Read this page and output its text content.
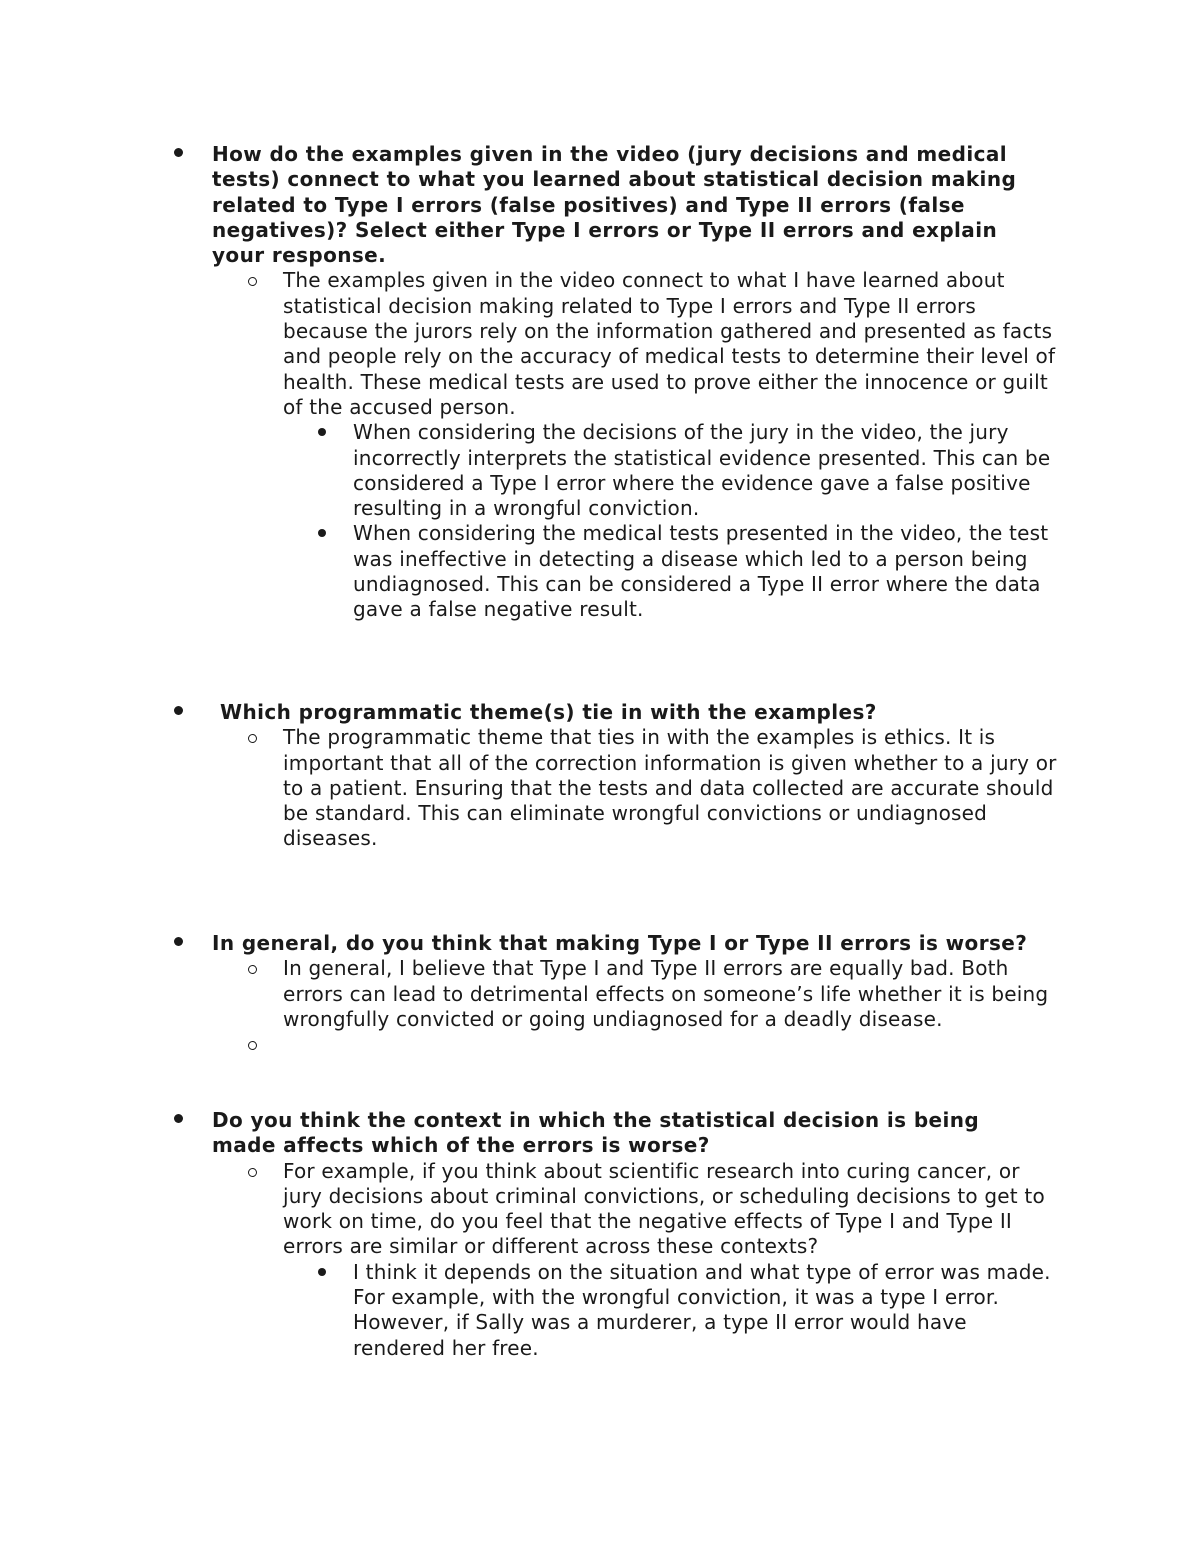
How do the examples given in the video (jury decisions and medical tests) connect to what you learned about statistical decision making related to Type I errors (false positives) and Type II errors (false negatives)? Select either Type I errors or Type II errors and explain your response.
The examples given in the video connect to what I have learned about statistical decision making related to Type I errors and Type II errors because the jurors rely on the information gathered and presented as facts and people rely on the accuracy of medical tests to determine their level of health. These medical tests are used to prove either the innocence or guilt of the accused person.
When considering the decisions of the jury in the video, the jury incorrectly interprets the statistical evidence presented. This can be considered a Type I error where the evidence gave a false positive resulting in a wrongful conviction.
When considering the medical tests presented in the video, the test was ineffective in detecting a disease which led to a person being undiagnosed. This can be considered a Type II error where the data gave a false negative result.
Which programmatic theme(s) tie in with the examples?
The programmatic theme that ties in with the examples is ethics. It is important that all of the correction information is given whether to a jury or to a patient. Ensuring that the tests and data collected are accurate should be standard. This can eliminate wrongful convictions or undiagnosed diseases.
In general, do you think that making Type I or Type II errors is worse?
In general, I believe that Type I and Type II errors are equally bad. Both errors can lead to detrimental effects on someone’s life whether it is being wrongfully convicted or going undiagnosed for a deadly disease.
Do you think the context in which the statistical decision is being made affects which of the errors is worse?
For example, if you think about scientific research into curing cancer, or jury decisions about criminal convictions, or scheduling decisions to get to work on time, do you feel that the negative effects of Type I and Type II errors are similar or different across these contexts?
I think it depends on the situation and what type of error was made. For example, with the wrongful conviction, it was a type I error. However, if Sally was a murderer, a type II error would have rendered her free.
